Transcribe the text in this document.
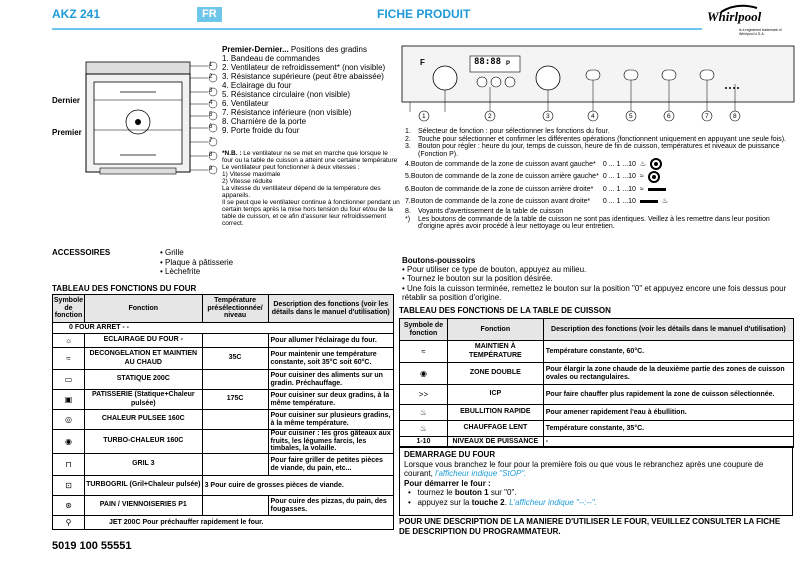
AKZ 241	FR	FICHE PRODUIT	Whirlpool
is a registered trademark of Whirlpool U.S.A.
Dernier
Premier
1
2
3
4
5
6
7
8
9
Premier-Dernier... Positions des gradins
1. Bandeau de commandes
2. Ventilateur de refroidissement* (non visible)
3. Résistance supérieure (peut être abaissée)
4. Eclairage du four
5. Résistance circulaire (non visible)
6. Ventilateur
7. Résistance inférieure (non visible)
8. Charnière de la porte
9. Porte froide du four
*N.B. : Le ventilateur ne se met en marche que lorsque le four ou la table de cuisson a atteint une certaine température Le ventilateur peut fonctionner à deux vitesses :
1) Vitesse maximale
2) Vitesse réduite
La vitesse du ventilateur dépend de la température des appareils.
Il se peut que le ventilateur continue à fonctionner pendant un certain temps après la mise hors tension du four et/ou de la table de cuisson, et ce afin d'assurer leur refroidissement correct.
F	88:88 P
1	2	3	4	5	6	7	8
1.	Sélecteur de fonction : pour sélectionner les fonctions du four.
2.	Touche pour sélectionner et confirmer les différentes opérations (fonctionnent uniquement en appuyant une seule fois).
3.	Bouton pour régler : heure du jour, temps de cuisson, heure de fin de cuisson, températures et niveaux de puissance (Fonction P).
4. Bouton de commande de la zone de cuisson avant gauche*	0 ... 1 ...10 ♨
5. Bouton de commande de la zone de cuisson arrière gauche* 0 ... 1 ...10 ≈
6. Bouton de commande de la zone de cuisson arrière droite*	0 ... 1 ...10 ≈
7. Bouton de commande de la zone de cuisson avant droite*	0 ... 1 ...10	♨
8.	Voyants d'avertissement de la table de cuisson
*)	Les boutons de commande de la table de cuisson ne sont pas identiques. Veillez à les remettre dans leur position d'origine après avoir procédé à leur nettoyage ou leur entretien.
ACCESSOIRES	• Grille
• Plaque à pâtisserie
• Lèchefrite
TABLEAU DES FONCTIONS DU FOUR
Symbole de fonction	Fonction	Température présélectionnée/ niveau	Description des fonctions (voir les détails dans le manuel d'utilisation)
0 FOUR ARRET - -			
☼	ECLAIRAGE DU FOUR -		Pour allumer l'éclairage du four.
≈	DECONGELATION ET MAINTIEN AU CHAUD	35C	Pour maintenir une température constante, soit 35°C soit 60°C.
▭	STATIQUE 200C		Pour cuisiner des aliments sur un gradin. Préchauffage.
▣	PATISSERIE (Statique+Chaleur pulsée)	175C	Pour cuisiner sur deux gradins, à la même température.
◎	CHALEUR PULSEE 160C		Pour cuisiner sur plusieurs gradins, à la même température.
◉	TURBO-CHALEUR 160C		Pour cuisiner : les gros gâteaux aux fruits, les légumes farcis, les timbales, la volaille.
⊓	GRIL 3		Pour faire griller de petites pièces de viande, du pain, etc...
⊡	TURBOGRIL (Gril+Chaleur pulsée)	3 Pour cuire de grosses pièces de viande.	
⊛	PAIN / VIENNOISERIES P1		Pour cuire des pizzas, du pain, des fougasses.
⚲	JET 200C Pour préchauffer rapidement le four.		
Boutons-poussoirs
• Pour utiliser ce type de bouton, appuyez au milieu.
• Tournez le bouton sur la position désirée.
• Une fois la cuisson terminée, remettez le bouton sur la position "0" et appuyez encore une fois dessus pour rétablir sa position d'origine.
TABLEAU DES FONCTIONS DE LA TABLE DE CUISSON
Symbole de fonction	Fonction	Description des fonctions (voir les détails dans le manuel d'utilisation)
≈	MAINTIEN À TEMPÉRATURE	Température constante, 60°C.
◉	ZONE DOUBLE	Pour élargir la zone chaude de la deuxième partie des zones de cuisson ovales ou rectangulaires.
>>	ICP	Pour faire chauffer plus rapidement la zone de cuisson sélectionnée.
♨	EBULLITION RAPIDE	Pour amener rapidement l'eau à ébullition.
♨	CHAUFFAGE LENT	Température constante, 35°C.
1-10	NIVEAUX DE PUISSANCE	-
DEMARRAGE DU FOUR
Lorsque vous branchez le four pour la première fois ou que vous le rebranchez après une coupure de courant, l'afficheur indique "StOP".
Pour démarrer le four :
•   tournez le bouton 1 sur "0".
•   appuyez sur la touche 2. L'afficheur indique "--:--".
POUR UNE DESCRIPTION DE LA MANIERE D'UTILISER LE FOUR, VEUILLEZ CONSULTER LA FICHE DE DESCRIPTION DU PROGRAMMATEUR.
5019 100 55551
